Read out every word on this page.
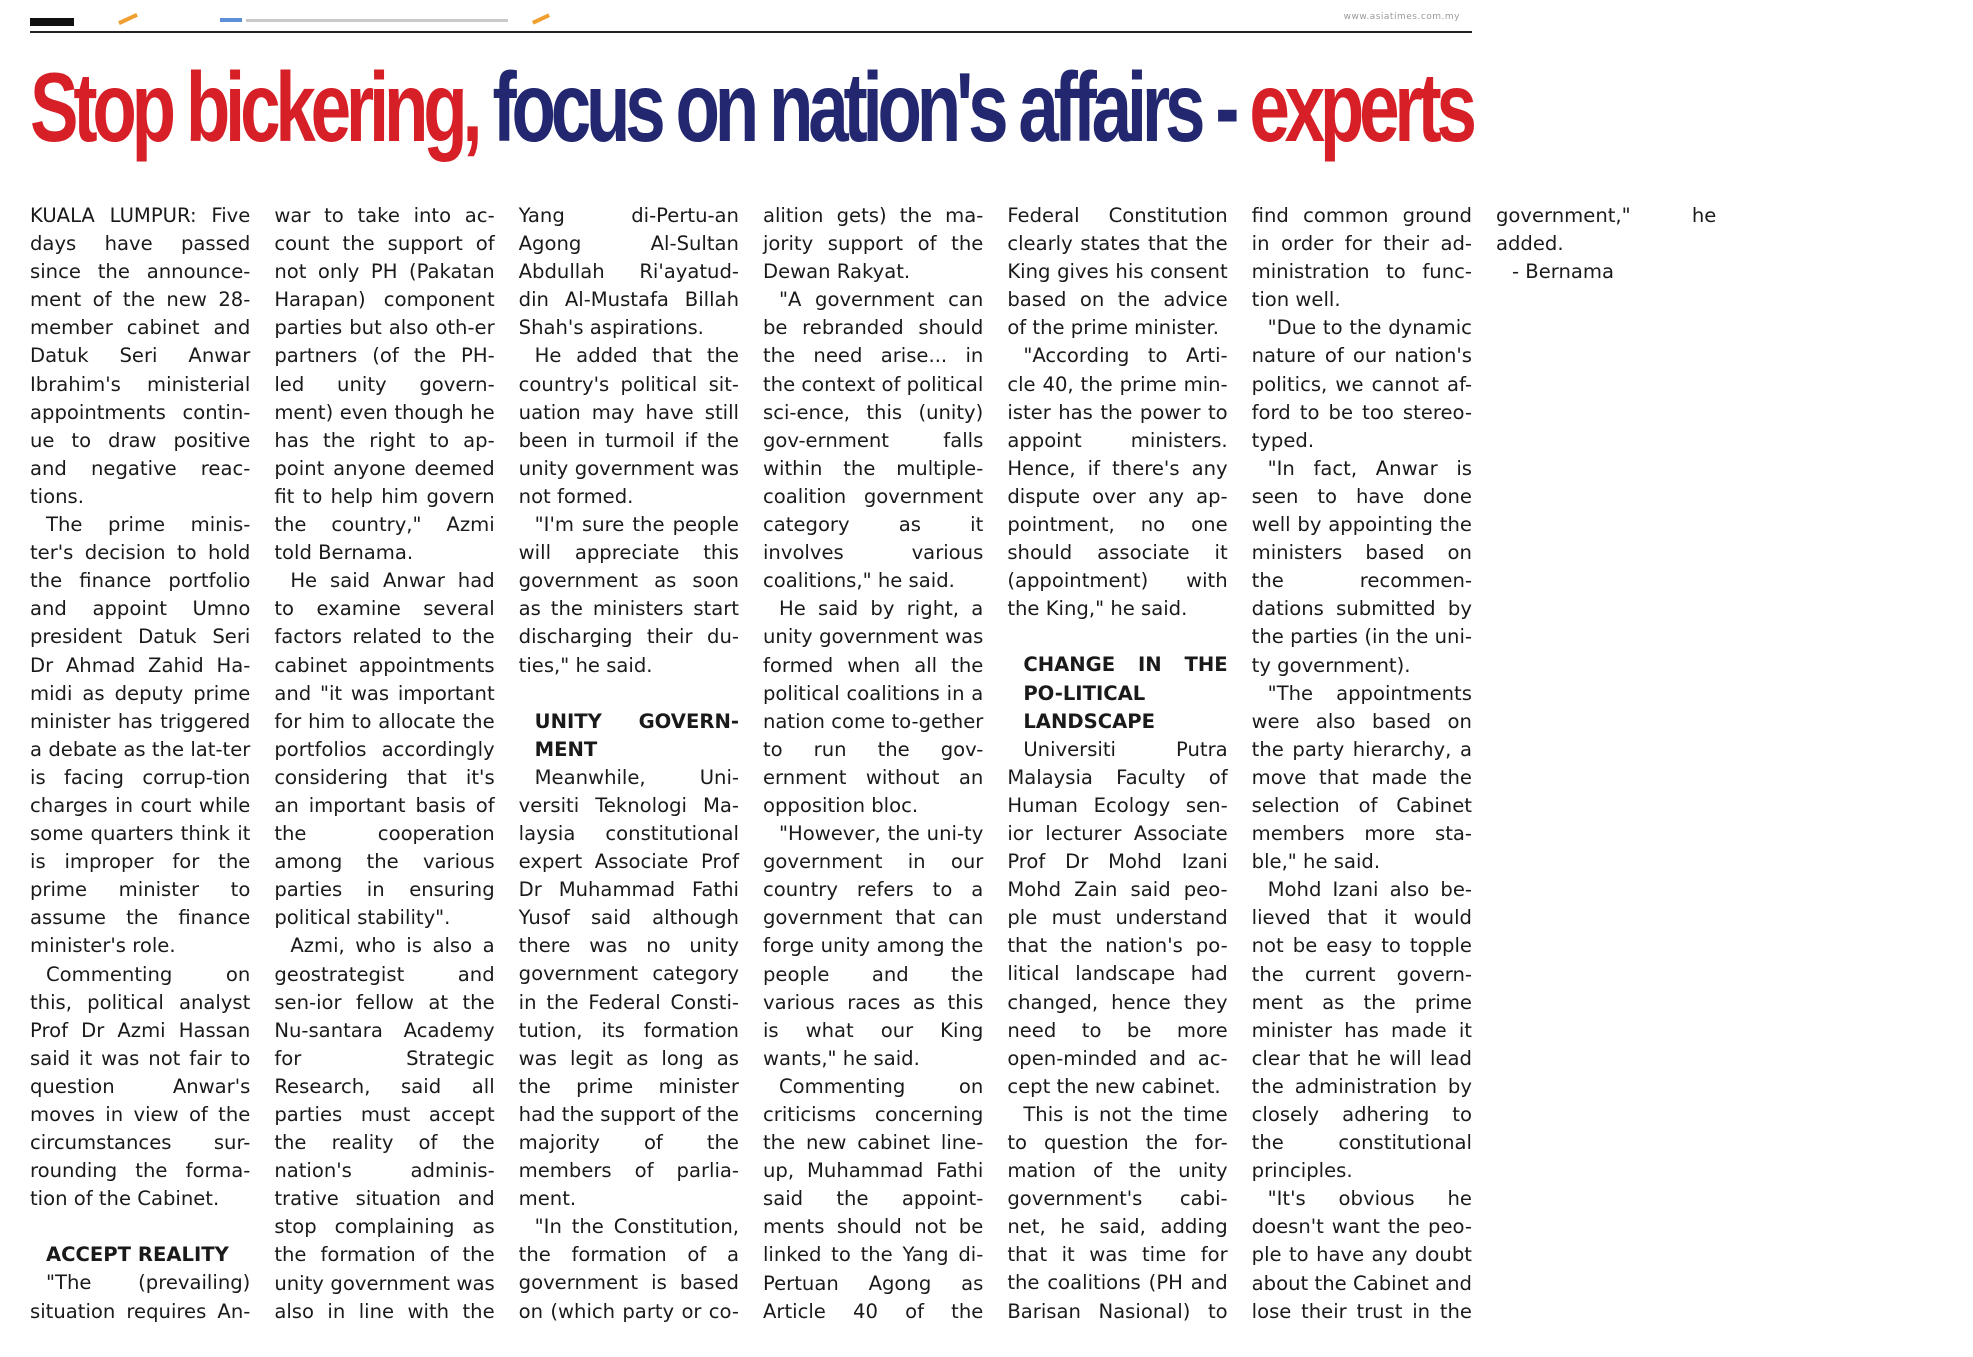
www.asiatimes.com.my
Stop bickering, focus on nation's affairs - experts

KUALA LUMPUR: Five days have passed since the announce-ment of the new 28-member cabinet and Datuk Seri Anwar Ibrahim's ministerial appointments contin-ue to draw positive and negative reac-tions.

The prime minis-ter's decision to hold the finance portfolio and appoint Umno president Datuk Seri Dr Ahmad Zahid Ha-midi as deputy prime minister has triggered a debate as the lat-ter is facing corrup-tion charges in court while some quarters think it is improper for the prime minister to assume the finance minister's role.

Commenting on this, political analyst Prof Dr Azmi Hassan said it was not fair to question Anwar's moves in view of the circumstances sur-rounding the forma-tion of the Cabinet.

ACCEPT REALITY

"The (prevailing) situation requires An-war to take into ac-count the support of not only PH (Pakatan Harapan) component parties but also oth-er partners (of the PH-led unity govern-ment) even though he has the right to ap-point anyone deemed fit to help him govern the country," Azmi told Bernama.

He said Anwar had to examine several factors related to the cabinet appointments and "it was important for him to allocate the portfolios accordingly considering that it's an important basis of the cooperation among the various parties in ensuring political stability".

Azmi, who is also a geostrategist and sen-ior fellow at the Nu-santara Academy for Strategic Research, said all parties must accept the reality of the nation's adminis-trative situation and stop complaining as the formation of the unity government was also in line with the Yang di-Pertu-an Agong Al-Sultan Abdullah Ri'ayatud-din Al-Mustafa Billah Shah's aspirations.

He added that the country's political sit-uation may have still been in turmoil if the unity government was not formed.

"I'm sure the people will appreciate this government as soon as the ministers start discharging their du-ties," he said.

UNITY GOVERN-MENT

Meanwhile, Uni-versiti Teknologi Ma-laysia constitutional expert Associate Prof Dr Muhammad Fathi Yusof said although there was no unity government category in the Federal Consti-tution, its formation was legit as long as the prime minister had the support of the majority of the members of parlia-ment.

"In the Constitution, the formation of a government is based on (which party or co-alition gets) the ma-jority support of the Dewan Rakyat.

"A government can be rebranded should the need arise... in the context of political sci-ence, this (unity) gov-ernment falls within the multiple-coalition government category as it involves various coalitions," he said.

He said by right, a unity government was formed when all the political coalitions in a nation come to-gether to run the gov-ernment without an opposition bloc.

"However, the uni-ty government in our country refers to a government that can forge unity among the people and the various races as this is what our King wants," he said.

Commenting on criticisms concerning the new cabinet line-up, Muhammad Fathi said the appoint-ments should not be linked to the Yang di-Pertuan Agong as Article 40 of the Federal Constitution clearly states that the King gives his consent based on the advice of the prime minister.

"According to Arti-cle 40, the prime min-ister has the power to appoint ministers. Hence, if there's any dispute over any ap-pointment, no one should associate it (appointment) with the King," he said.

CHANGE IN THE PO-LITICAL LANDSCAPE

Universiti Putra Malaysia Faculty of Human Ecology sen-ior lecturer Associate Prof Dr Mohd Izani Mohd Zain said peo-ple must understand that the nation's po-litical landscape had changed, hence they need to be more open-minded and ac-cept the new cabinet.

This is not the time to question the for-mation of the unity government's cabi-net, he said, adding that it was time for the coalitions (PH and Barisan Nasional) to find common ground in order for their ad-ministration to func-tion well.

"Due to the dynamic nature of our nation's politics, we cannot af-ford to be too stereo-typed.

"In fact, Anwar is seen to have done well by appointing the ministers based on the recommen-dations submitted by the parties (in the uni-ty government).

"The appointments were also based on the party hierarchy, a move that made the selection of Cabinet members more sta-ble," he said.

Mohd Izani also be-lieved that it would not be easy to topple the current govern-ment as the prime minister has made it clear that he will lead the administration by closely adhering to the constitutional principles.

"It's obvious he doesn't want the peo-ple to have any doubt about the Cabinet and lose their trust in the government," he added.

- Bernama
